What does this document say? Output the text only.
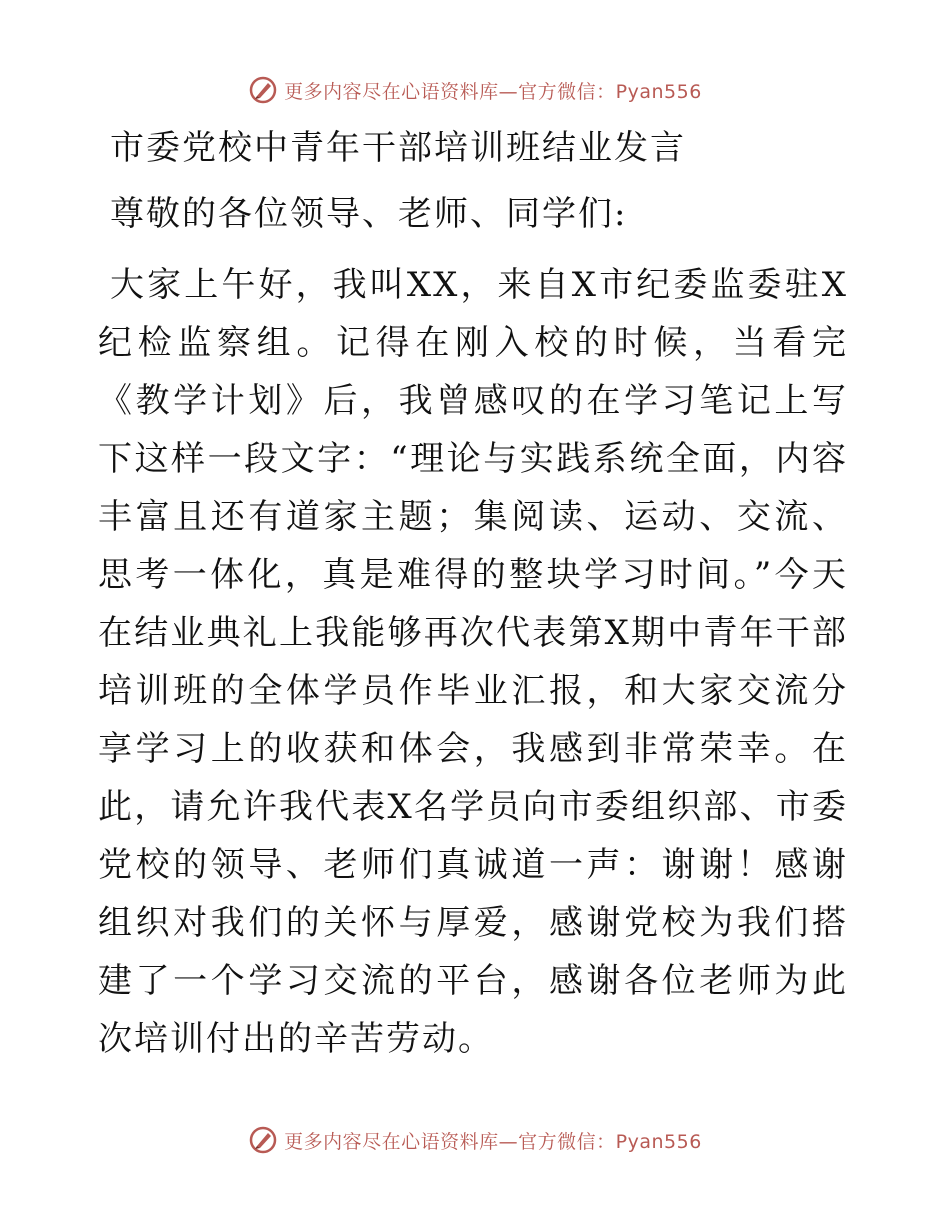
更多内容尽在心语资料库—官方微信：Pyan556

市委党校中青年干部培训班结业发言

尊敬的各位领导、老师、同学们:

大家上午好，我叫XX，来自X市纪委监委驻X纪检监察组。记得在刚入校的时候，当看完《教学计划》后，我曾感叹的在学习笔记上写下这样一段文字：“理论与实践系统全面，内容丰富且还有道家主题；集阅读、运动、交流、思考一体化，真是难得的整块学习时间。”今天在结业典礼上我能够再次代表第X期中青年干部培训班的全体学员作毕业汇报，和大家交流分享学习上的收获和体会，我感到非常荣幸。在此，请允许我代表X名学员向市委组织部、市委党校的领导、老师们真诚道一声：谢谢！感谢组织对我们的关怀与厚爱，感谢党校为我们搭建了一个学习交流的平台，感谢各位老师为此次培训付出的辛苦劳动。

更多内容尽在心语资料库—官方微信：Pyan556
